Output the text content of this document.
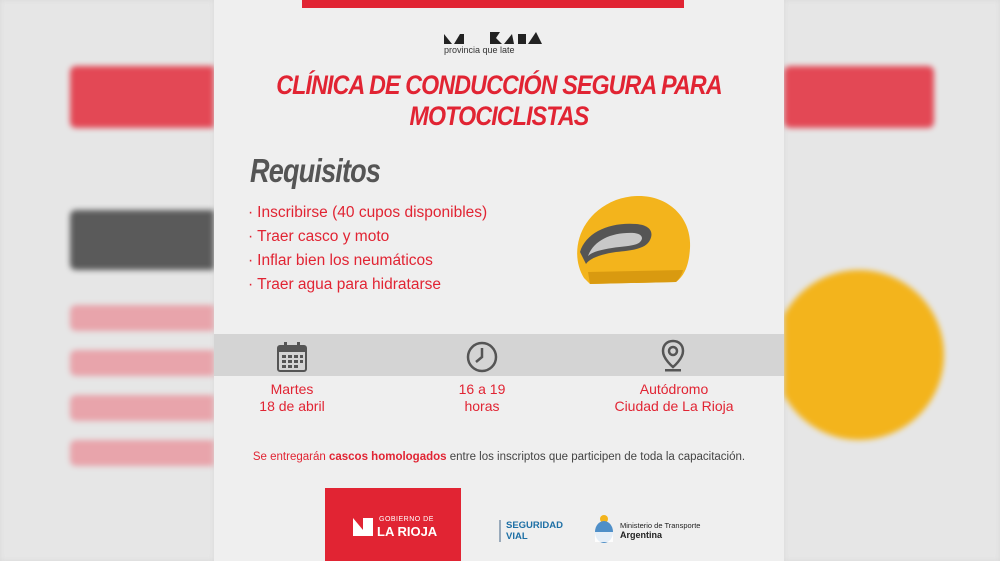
provincia que late
CLÍNICA DE CONDUCCIÓN SEGURA PARA MOTOCICLISTAS
Requisitos
· Inscribirse (40 cupos disponibles)
· Traer casco y moto
· Inflar bien los neumáticos
· Traer agua para hidratarse
Martes
18 de abril
16 a 19
horas
Autódromo
Ciudad de La Rioja
Se entregarán cascos homologados entre los inscriptos que participen de toda la capacitación.
GOBIERNO DE
LA RIOJA	SEGURIDAD
VIAL
Ministerio de Transporte
Argentina
